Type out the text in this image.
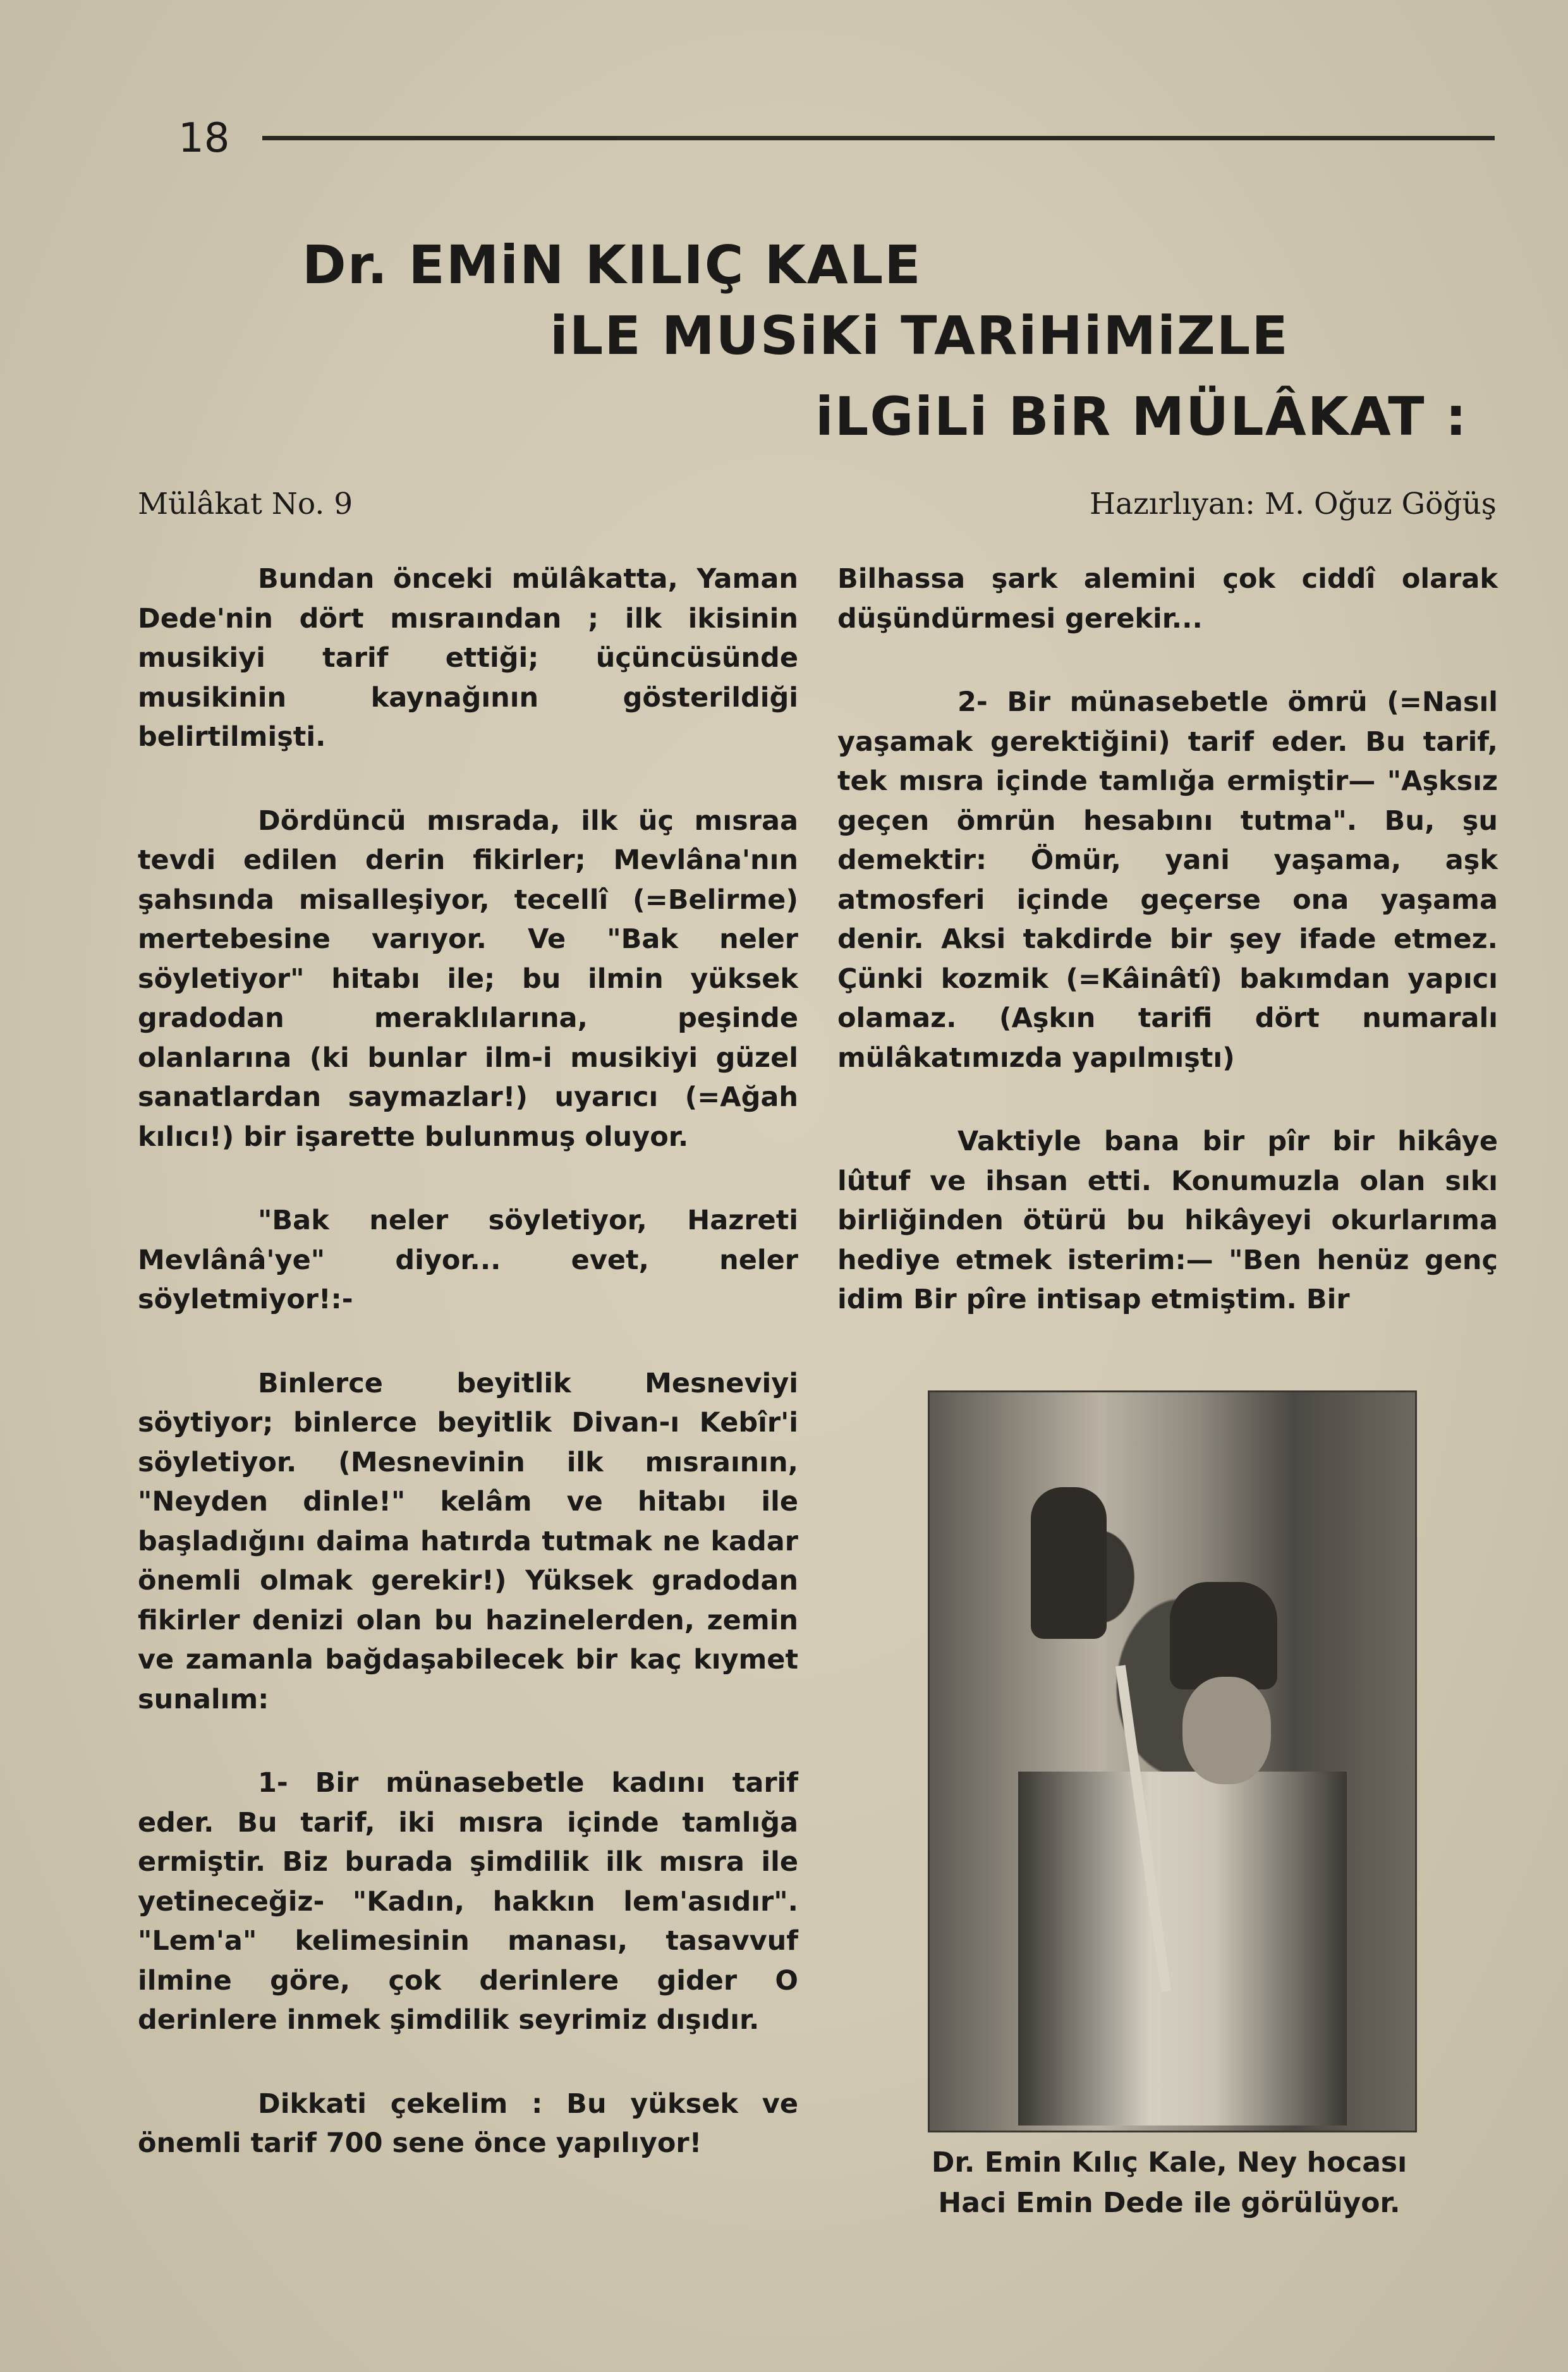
18
Dr. EMiN KILIÇ KALE
iLE MUSiKi TARiHiMiZLE
iLGiLi BiR MÜLÂKAT :
Mülâkat No. 9	Hazırlıyan: M. Oğuz Göğüş

Bundan önceki mülâkatta, Yaman Dede'nin dört mısraından ; ilk ikisinin musikiyi tarif ettiği; üçüncüsünde musikinin kaynağının gösterildiği belirtilmişti.

Dördüncü mısrada, ilk üç mısraa tevdi edilen derin fikirler; Mevlâna'nın şahsında misalleşiyor, tecellî (=Belirme) mertebesine varıyor. Ve "Bak neler söyletiyor" hitabı ile; bu ilmin yüksek gradodan meraklılarına, peşinde olanlarına (ki bunlar ilm-i musikiyi güzel sanatlardan saymazlar!) uyarıcı (=Ağah kılıcı!) bir işarette bulunmuş oluyor.

"Bak neler söyletiyor, Hazreti Mevlânâ'ye" diyor... evet, neler söyletmiyor!:-

Binlerce beyitlik Mesneviyi söytiyor; binlerce beyitlik Divan-ı Kebîr'i söyletiyor. (Mesnevinin ilk mısraının, "Neyden dinle!" kelâm ve hitabı ile başladığını daima hatırda tutmak ne kadar önemli olmak gerekir!) Yüksek gradodan fikirler denizi olan bu hazinelerden, zemin ve zamanla bağdaşabilecek bir kaç kıymet sunalım:

1- Bir münasebetle kadını tarif eder. Bu tarif, iki mısra içinde tamlığa ermiştir. Biz burada şimdilik ilk mısra ile yetineceğiz- "Kadın, hakkın lem'asıdır". "Lem'a" kelimesinin manası, tasavvuf ilmine göre, çok derinlere gider O derinlere inmek şimdilik seyrimiz dışıdır.

Dikkati çekelim : Bu yüksek ve önemli tarif 700 sene önce yapılıyor!

Bilhassa şark alemini çok ciddî olarak düşündürmesi gerekir...

2- Bir münasebetle ömrü (=Nasıl yaşamak gerektiğini) tarif eder. Bu tarif, tek mısra içinde tamlığa ermiştir— "Aşksız geçen ömrün hesabını tutma". Bu, şu demektir: Ömür, yani yaşama, aşk atmosferi içinde geçerse ona yaşama denir. Aksi takdirde bir şey ifade etmez. Çünki kozmik (=Kâinâtî) bakımdan yapıcı olamaz. (Aşkın tarifi dört numaralı mülâkatımızda yapılmıştı)

Vaktiyle bana bir pîr bir hikâye lûtuf ve ihsan etti. Konumuzla olan sıkı birliğinden ötürü bu hikâyeyi okurlarıma hediye etmek isterim:— "Ben henüz genç idim Bir pîre intisap etmiştim. Bir

Dr. Emin Kılıç Kale, Ney hocası
Haci Emin Dede ile görülüyor.
